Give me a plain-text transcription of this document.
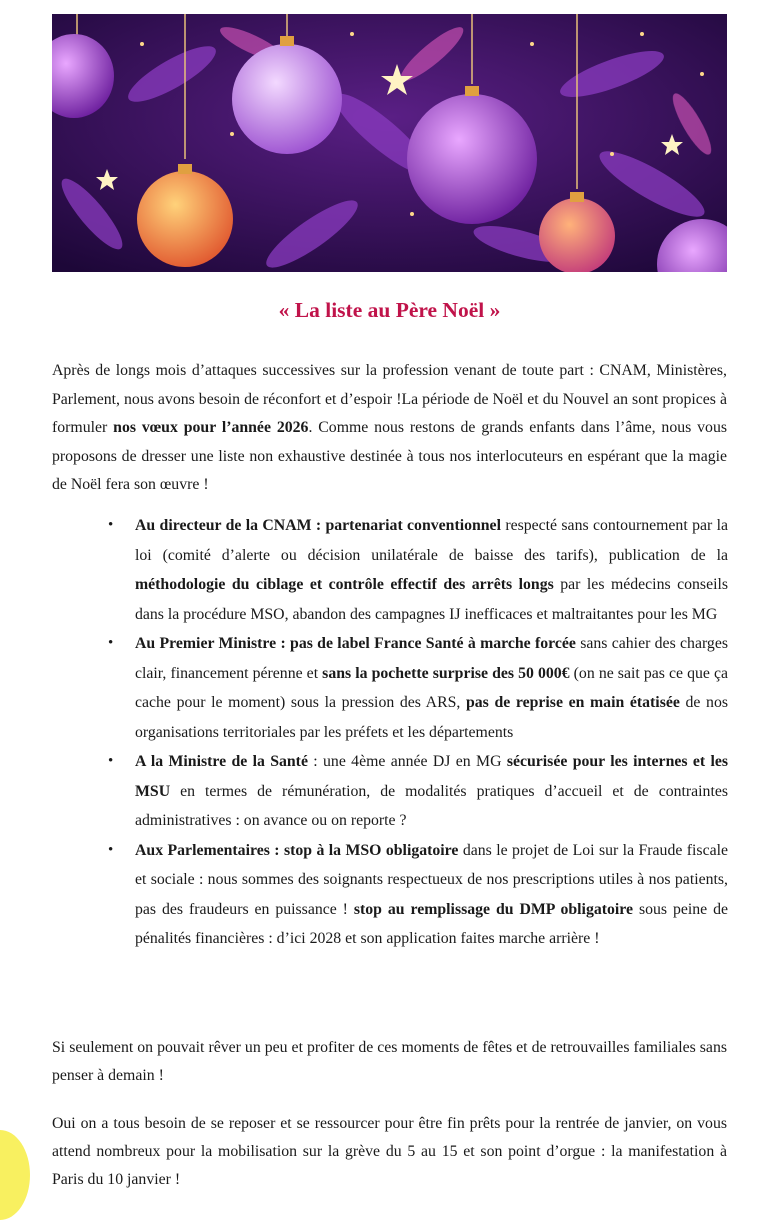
« La liste au Père Noël »

Après de longs mois d’attaques successives sur la profession venant de toute part : CNAM, Ministères, Parlement, nous avons besoin de réconfort et d’espoir !La période de Noël et du Nouvel an sont propices à formuler nos vœux pour l’année 2026. Comme nous restons de grands enfants dans l’âme, nous vous proposons de dresser une liste non exhaustive destinée à tous nos interlocuteurs en espérant que la magie de Noël fera son œuvre !

• Au directeur de la CNAM : partenariat conventionnel respecté sans contournement par la loi (comité d’alerte ou décision unilatérale de baisse des tarifs), publication de la méthodologie du ciblage et contrôle effectif des arrêts longs par les médecins conseils dans la procédure MSO, abandon des campagnes IJ inefficaces et maltraitantes pour les MG
• Au Premier Ministre : pas de label France Santé à marche forcée sans cahier des charges clair, financement pérenne et sans la pochette surprise des 50 000€ (on ne sait pas ce que ça cache pour le moment) sous la pression des ARS, pas de reprise en main étatisée de nos organisations territoriales par les préfets et les départements
• A la Ministre de la Santé : une 4ème année DJ en MG sécurisée pour les internes et les MSU en termes de rémunération, de modalités pratiques d’accueil et de contraintes administratives : on avance ou on reporte ?
• Aux Parlementaires : stop à la MSO obligatoire dans le projet de Loi sur la Fraude fiscale et sociale : nous sommes des soignants respectueux de nos prescriptions utiles à nos patients, pas des fraudeurs en puissance ! stop au remplissage du DMP obligatoire sous peine de pénalités financières : d’ici 2028 et son application faites marche arrière !

Si seulement on pouvait rêver un peu et profiter de ces moments de fêtes et de retrouvailles familiales sans penser à demain !

Oui on a tous besoin de se reposer et se ressourcer pour être fin prêts pour la rentrée de janvier, on vous attend nombreux pour la mobilisation sur la grève du 5 au 15 et son point d’orgue : la manifestation à Paris du 10 janvier !
